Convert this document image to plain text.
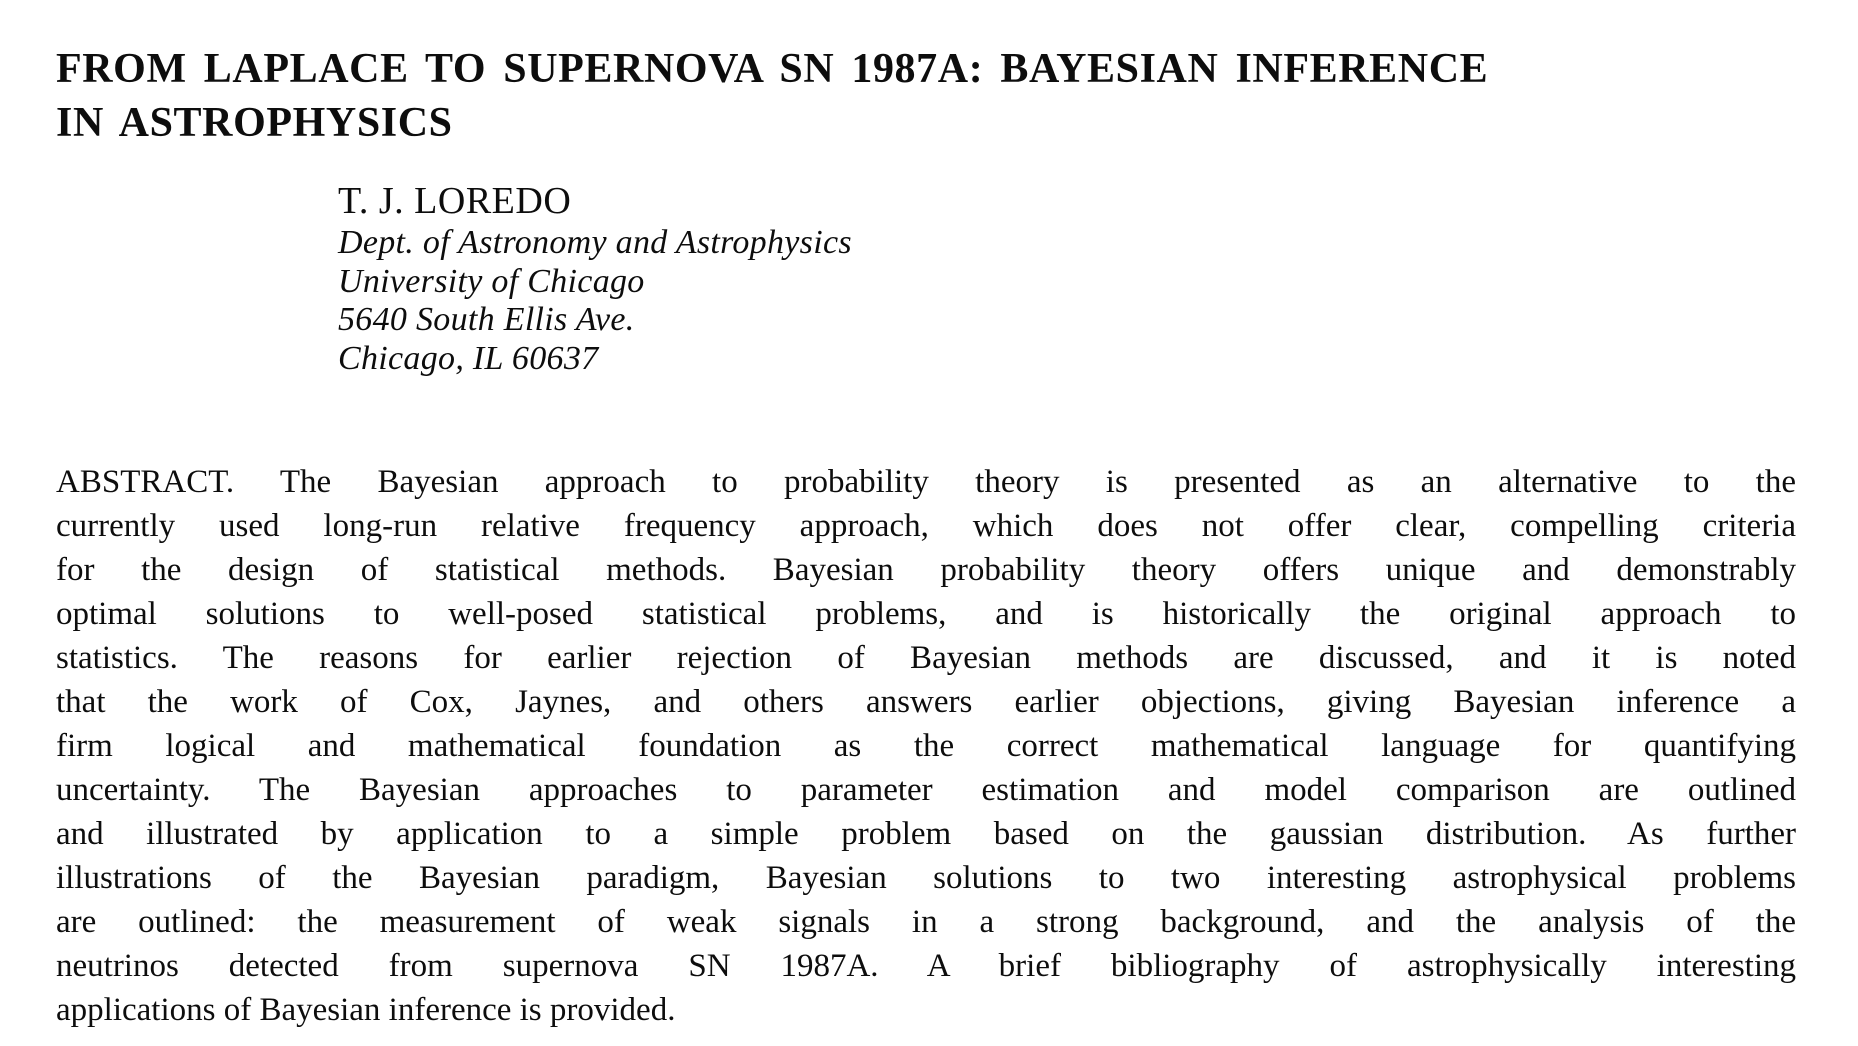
FROM LAPLACE TO SUPERNOVA SN 1987A: BAYESIAN INFERENCE
IN ASTROPHYSICS
T. J. LOREDO
Dept. of Astronomy and Astrophysics
University of Chicago
5640 South Ellis Ave.
Chicago, IL 60637
ABSTRACT. The Bayesian approach to probability theory is presented as an alternative to the
currently used long-run relative frequency approach, which does not offer clear, compelling criteria
for the design of statistical methods. Bayesian probability theory offers unique and demonstrably
optimal solutions to well-posed statistical problems, and is historically the original approach to
statistics. The reasons for earlier rejection of Bayesian methods are discussed, and it is noted
that the work of Cox, Jaynes, and others answers earlier objections, giving Bayesian inference a
firm logical and mathematical foundation as the correct mathematical language for quantifying
uncertainty. The Bayesian approaches to parameter estimation and model comparison are outlined
and illustrated by application to a simple problem based on the gaussian distribution. As further
illustrations of the Bayesian paradigm, Bayesian solutions to two interesting astrophysical problems
are outlined: the measurement of weak signals in a strong background, and the analysis of the
neutrinos detected from supernova SN 1987A. A brief bibliography of astrophysically interesting
applications of Bayesian inference is provided.
